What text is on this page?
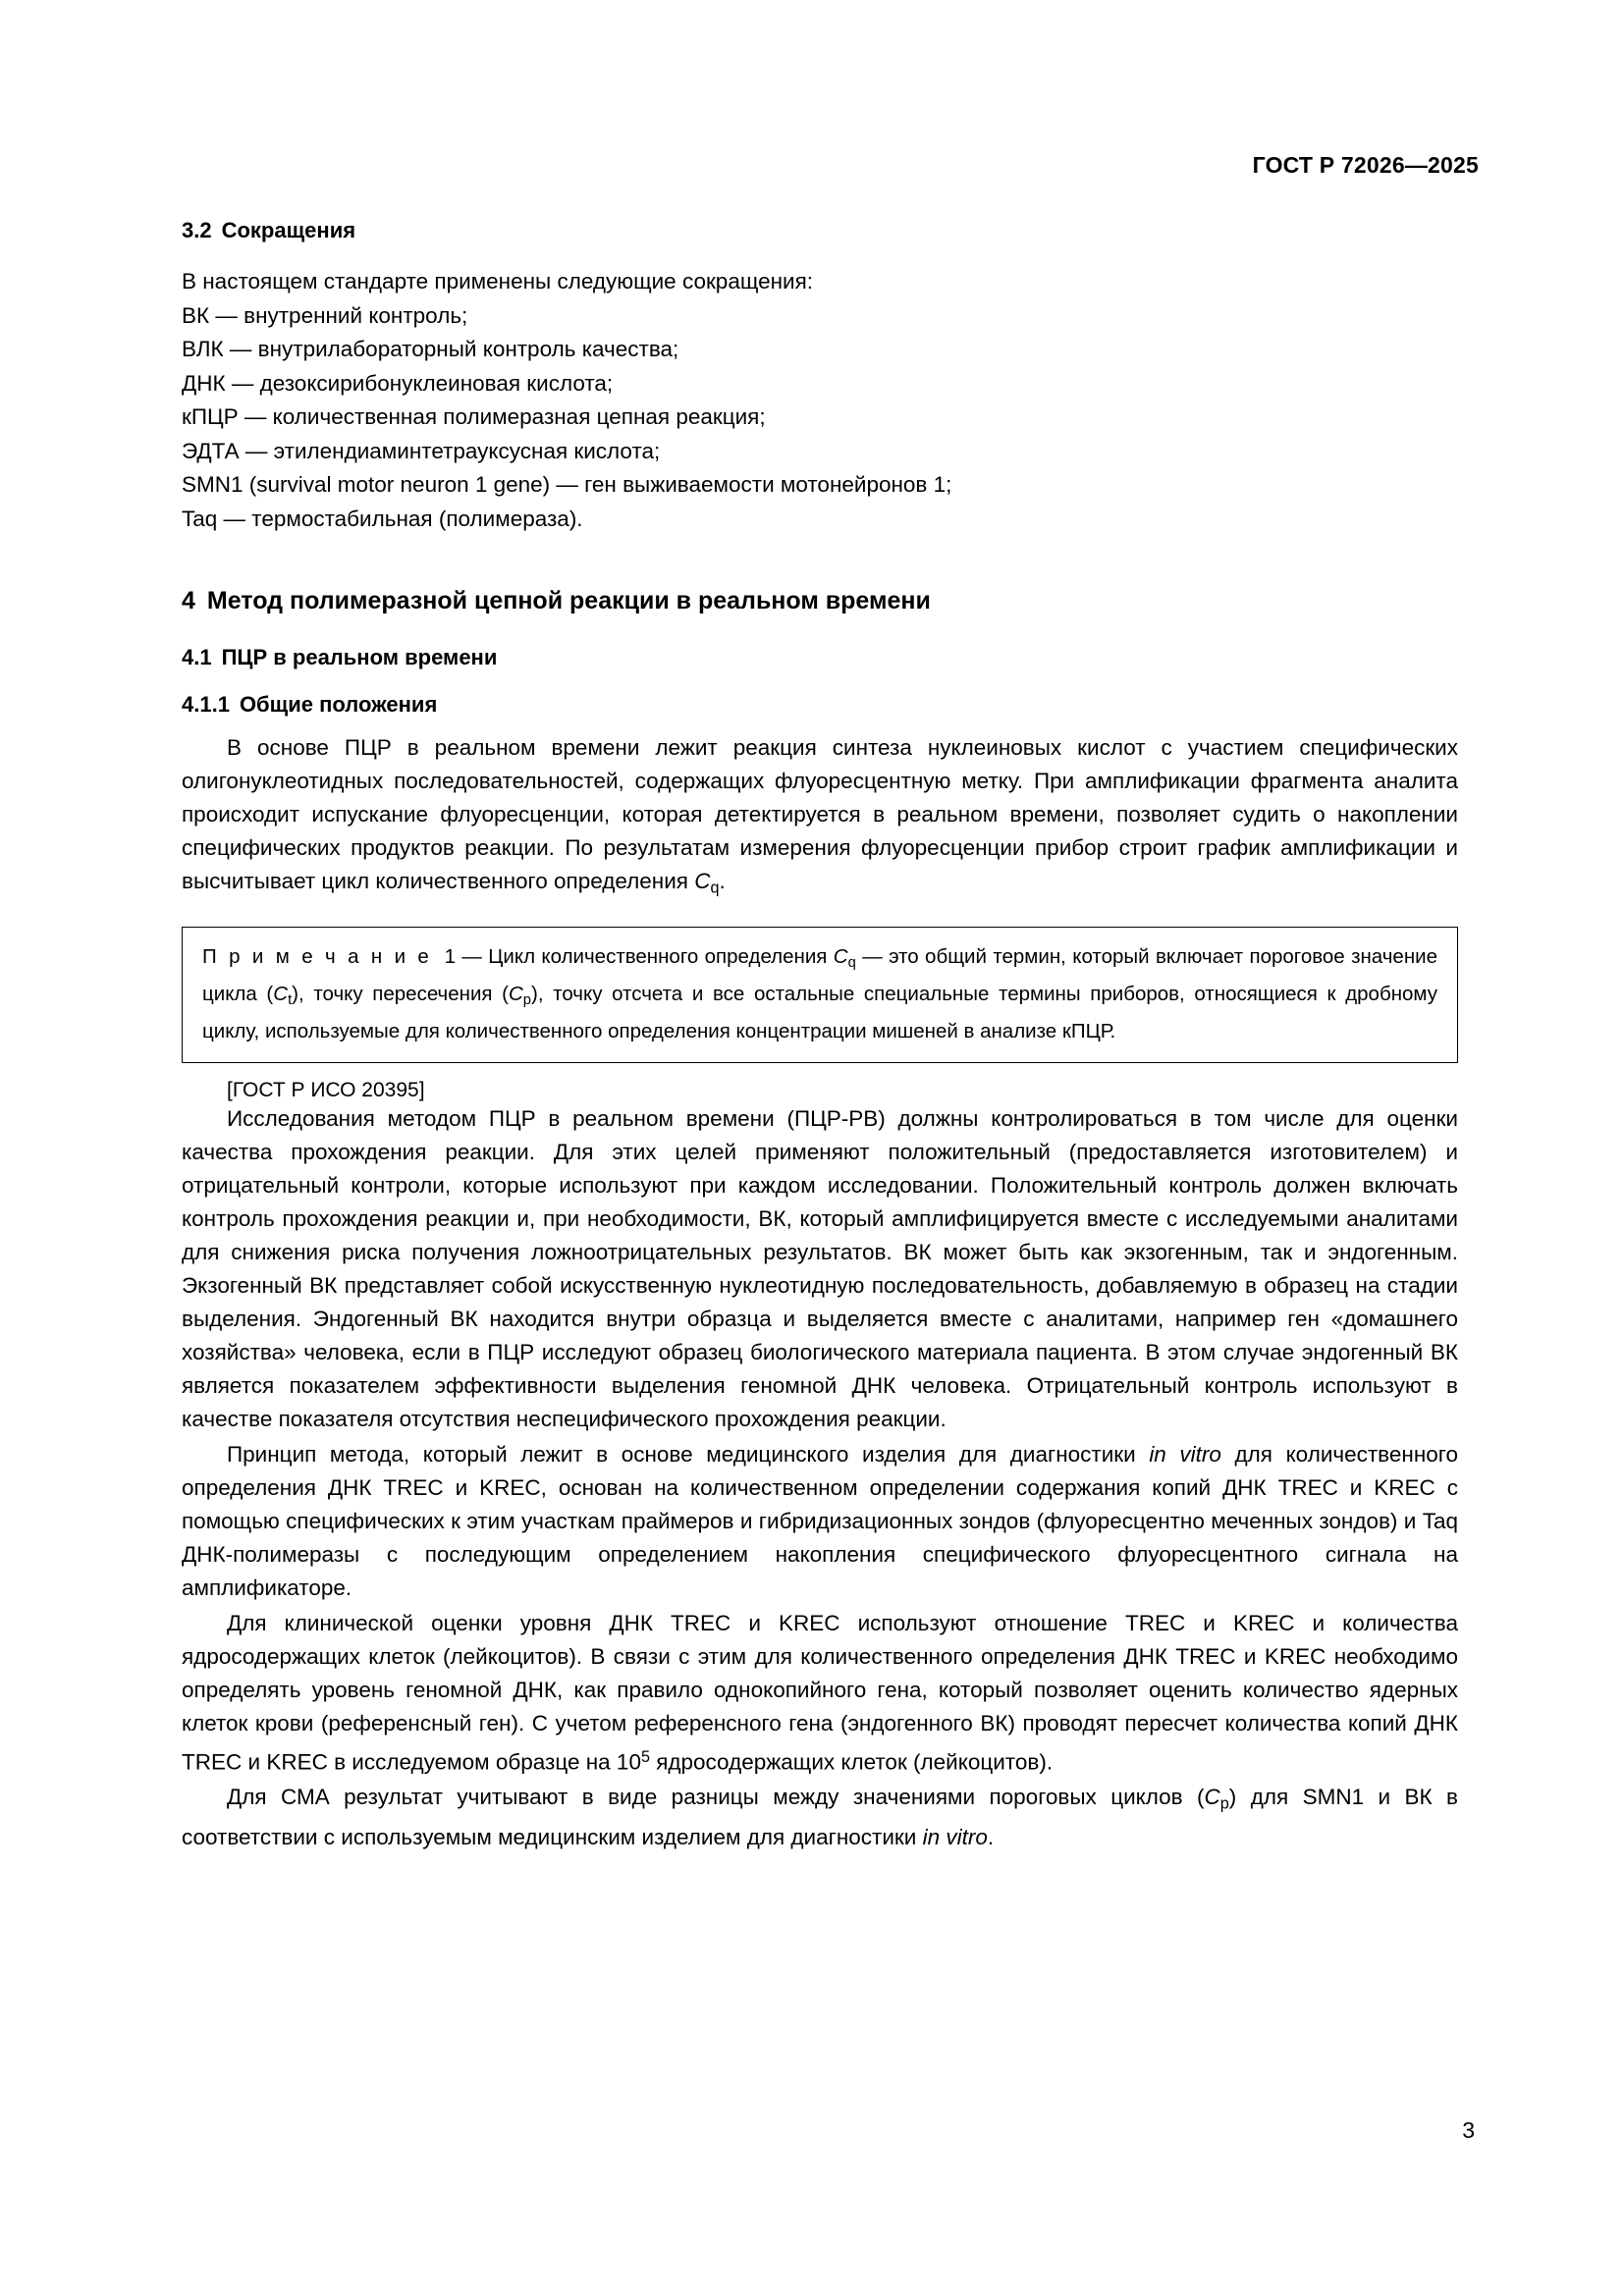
ГОСТ Р 72026—2025
3.2 Сокращения
В настоящем стандарте применены следующие сокращения:
ВК — внутренний контроль;
ВЛК — внутрилабораторный контроль качества;
ДНК — дезоксирибонуклеиновая кислота;
кПЦР — количественная полимеразная цепная реакция;
ЭДТА — этилендиаминтетрауксусная кислота;
SMN1 (survival motor neuron 1 gene) — ген выживаемости мотонейронов 1;
Taq — термостабильная (полимераза).
4 Метод полимеразной цепной реакции в реальном времени
4.1 ПЦР в реальном времени
4.1.1 Общие положения

В основе ПЦР в реальном времени лежит реакция синтеза нуклеиновых кислот с участием специфических олигонуклеотидных последовательностей, содержащих флуоресцентную метку. При амплификации фрагмента аналита происходит испускание флуоресценции, которая детектируется в реальном времени, позволяет судить о накоплении специфических продуктов реакции. По результатам измерения флуоресценции прибор строит график амплификации и высчитывает цикл количественного определения $C_q$.

П р и м е ч а н и е 1 — Цикл количественного определения $C_q$ — это общий термин, который включает пороговое значение цикла $(C_t)$, точку пересечения $(C_p)$, точку отсчета и все остальные специальные термины приборов, относящиеся к дробному циклу, используемые для количественного определения концентрации мишеней в анализе кПЦР.

[ГОСТ Р ИСО 20395]

Исследования методом ПЦР в реальном времени (ПЦР-РВ) должны контролироваться в том числе для оценки качества прохождения реакции. Для этих целей применяют положительный (предоставляется изготовителем) и отрицательный контроли, которые используют при каждом исследовании. Положительный контроль должен включать контроль прохождения реакции и, при необходимости, ВК, который амплифицируется вместе с исследуемыми аналитами для снижения риска получения ложноотрицательных результатов. ВК может быть как экзогенным, так и эндогенным. Экзогенный ВК представляет собой искусственную нуклеотидную последовательность, добавляемую в образец на стадии выделения. Эндогенный ВК находится внутри образца и выделяется вместе с аналитами, например ген «домашнего хозяйства» человека, если в ПЦР исследуют образец биологического материала пациента. В этом случае эндогенный ВК является показателем эффективности выделения геномной ДНК человека. Отрицательный контроль используют в качестве показателя отсутствия неспецифического прохождения реакции.

Принцип метода, который лежит в основе медицинского изделия для диагностики in vitro для количественного определения ДНК TREC и KREC, основан на количественном определении содержания копий ДНК TREC и KREC с помощью специфических к этим участкам праймеров и гибридизационных зондов (флуоресцентно меченных зондов) и Taq ДНК-полимеразы с последующим определением накопления специфического флуоресцентного сигнала на амплификаторе.

Для клинической оценки уровня ДНК TREC и KREC используют отношение TREC и KREC и количества ядросодержащих клеток (лейкоцитов). В связи с этим для количественного определения ДНК TREC и KREC необходимо определять уровень геномной ДНК, как правило однокопийного гена, который позволяет оценить количество ядерных клеток крови (референсный ген). С учетом референсного гена (эндогенного ВК) проводят пересчет количества копий ДНК TREC и KREC в исследуемом образце на $10^5$ ядросодержащих клеток (лейкоцитов).

Для СМА результат учитывают в виде разницы между значениями пороговых циклов $(C_p)$ для SMN1 и ВК в соответствии с используемым медицинским изделием для диагностики in vitro.

3
